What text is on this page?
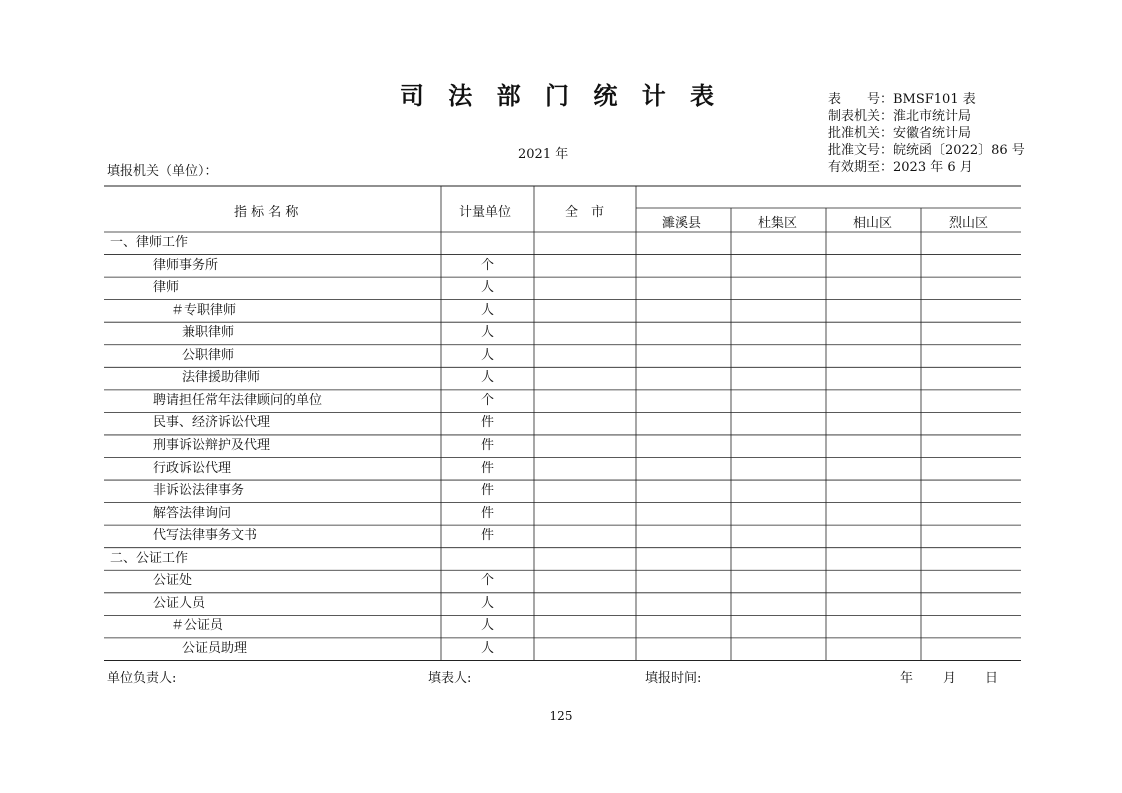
司 法 部 门 统 计 表	表　　号：BMSF101 表
制表机关：淮北市统计局
批准机关：安徽省统计局
批准文号：皖统函〔2022〕86 号
有效期至：2023 年 6 月
2021 年
填报机关（单位）：
指 标 名 称	计量单位	全　市
濉溪县	杜集区	相山区	烈山区
一、律师工作
律师事务所	个
律师	人
＃专职律师	人
兼职律师	人
公职律师	人
法律援助律师	人
聘请担任常年法律顾问的单位	个
民事、经济诉讼代理	件
刑事诉讼辩护及代理	件
行政诉讼代理	件
非诉讼法律事务	件
解答法律询问	件
代写法律事务文书	件
二、公证工作
公证处	个
公证人员	人
＃公证员	人
公证员助理	人
单位负责人:	填表人:	填报时间:	年 月 日
125
